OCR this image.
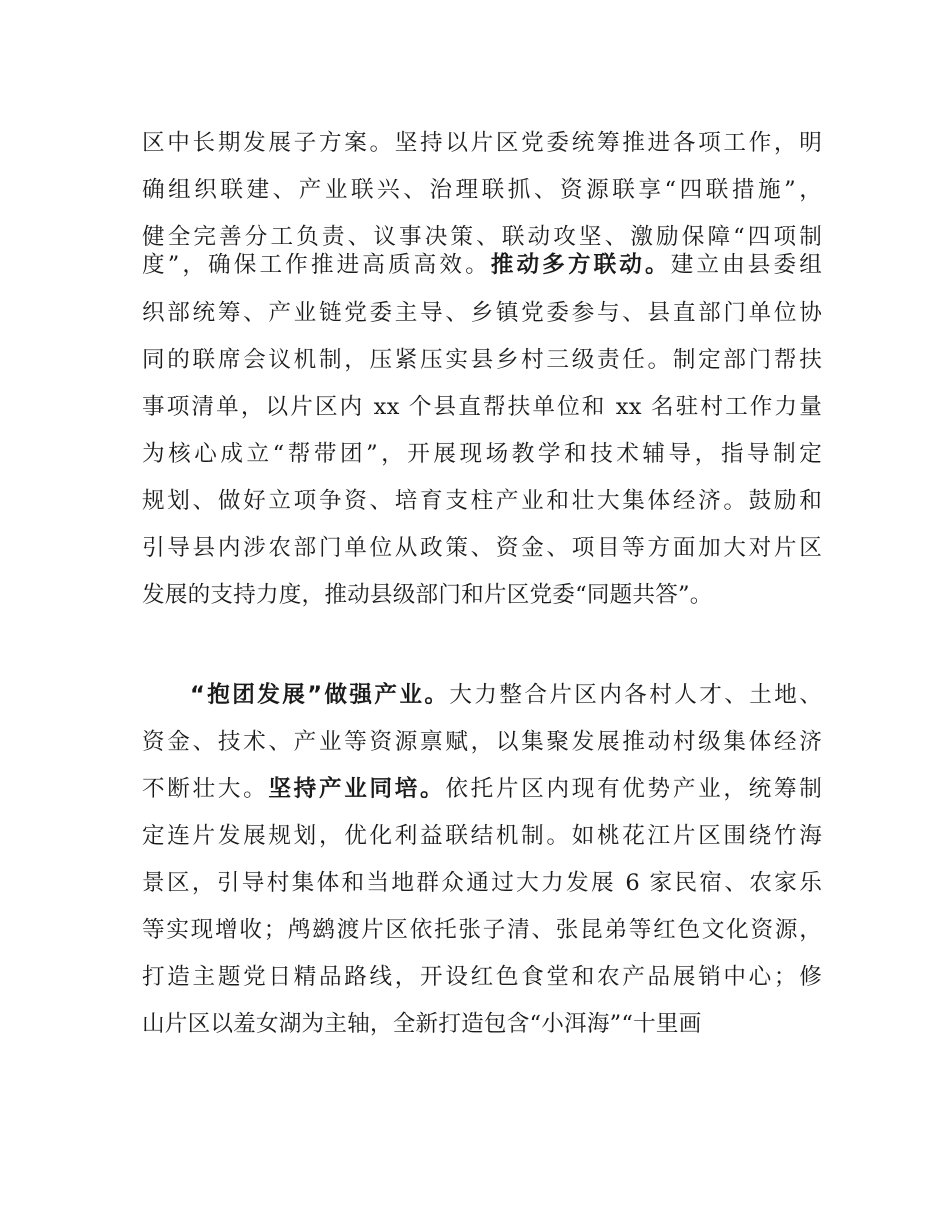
区中长期发展子方案。坚持以片区党委统筹推进各项工作，明
确组织联建、产业联兴、治理联抓、资源联享“四联措施”，
健全完善分工负责、议事决策、联动攻坚、激励保障“四项制
度”，确保工作推进高质高效。推动多方联动。建立由县委组
织部统筹、产业链党委主导、乡镇党委参与、县直部门单位协
同的联席会议机制，压紧压实县乡村三级责任。制定部门帮扶
事项清单，以片区内 xx 个县直帮扶单位和 xx 名驻村工作力量
为核心成立“帮带团”，开展现场教学和技术辅导，指导制定
规划、做好立项争资、培育支柱产业和壮大集体经济。鼓励和
引导县内涉农部门单位从政策、资金、项目等方面加大对片区
发展的支持力度，推动县级部门和片区党委“同题共答”。
“抱团发展”做强产业。大力整合片区内各村人才、土地、
资金、技术、产业等资源禀赋，以集聚发展推动村级集体经济
不断壮大。坚持产业同培。依托片区内现有优势产业，统筹制
定连片发展规划，优化利益联结机制。如桃花江片区围绕竹海
景区，引导村集体和当地群众通过大力发展 6 家民宿、农家乐
等实现增收；鸬鹚渡片区依托张子清、张昆弟等红色文化资源，
打造主题党日精品路线，开设红色食堂和农产品展销中心；修
山片区以羞女湖为主轴，全新打造包含“小洱海”“十里画
